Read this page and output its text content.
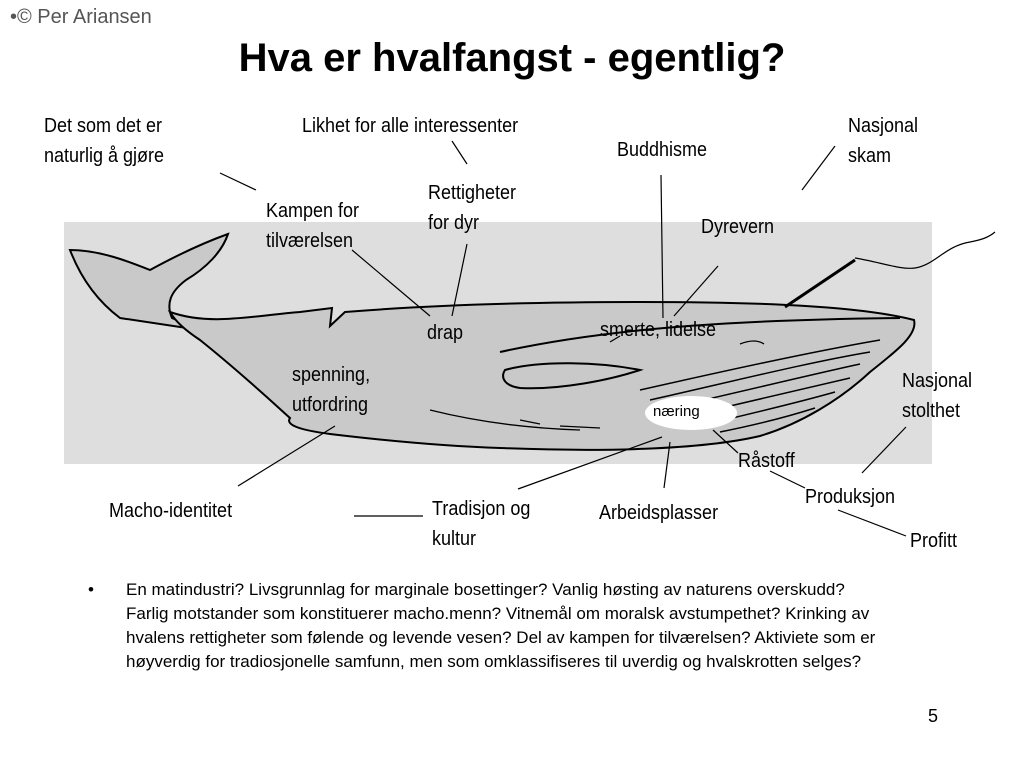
•© Per Ariansen
Hva er hvalfangst - egentlig?
Det som det er
naturlig å gjøre
Likhet for alle interessenter
Buddhisme
Nasjonal
skam
Rettigheter
for dyr
Kampen for
tilværelsen
Dyrevern
drap	smerte, lidelse
spenning,
utfordring
Nasjonal
stolthet
næring
Råstoff
Produksjon
Profitt
Macho-identitet	Tradisjon og
kultur
Arbeidsplasser
• En matindustri? Livsgrunnlag for marginale bosettinger? Vanlig høsting av naturens overskudd? Farlig motstander som konstituerer macho.menn? Vitnemål om moralsk avstumpethet? Krinking av hvalens rettigheter som følende og levende vesen? Del av kampen for tilværelsen? Aktiviete som er høyverdig for tradiosjonelle samfunn, men som omklassifiseres til uverdig og hvalskrotten selges?
5
